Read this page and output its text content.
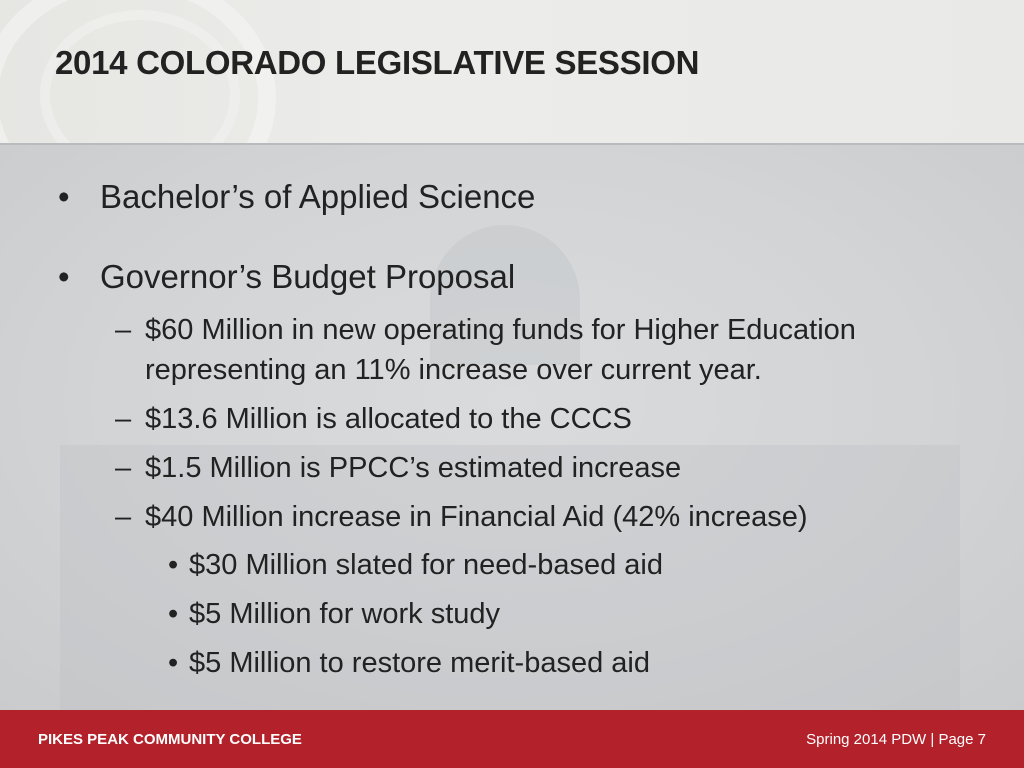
2014 COLORADO LEGISLATIVE SESSION
• Bachelor’s of Applied Science
• Governor’s Budget Proposal
– $60 Million in new operating funds for Higher Education representing an 11% increase over current year.
– $13.6 Million is allocated to the CCCS
– $1.5 Million is PPCC’s estimated increase
– $40 Million increase in Financial Aid (42% increase)
• $30 Million slated for need-based aid
• $5 Million for work study
• $5 Million to restore merit-based aid
PIKES PEAK COMMUNITY COLLEGE	Spring 2014 PDW | Page 7
